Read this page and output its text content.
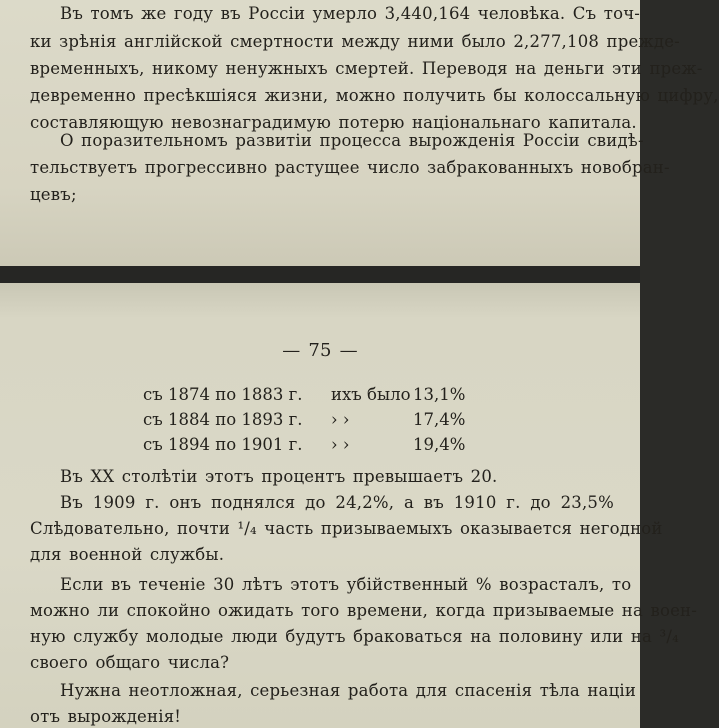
Въ томъ же году въ Россіи умерло 3,440,164 человѣка. Съ точ-
ки зрѣнія англійской смертности между ними было 2,277,108 прежде-
временныхъ, никому ненужныхъ смертей. Переводя на деньги эти преж-
девременно пресѣкшіяся жизни, можно получить бы колоссальную цифру,
составляющую невознаградимую потерю національнаго капитала.
О поразительномъ развитіи процесса вырожденія Россіи свидѣ-
тельствуетъ прогрессивно растущее число забракованныхъ новобран-
цевъ;
— 75 —
съ 1874 по 1883 г. ихъ было 13,1%
съ 1884 по 1893 г. › ›	17,4%
съ 1894 по 1901 г. › ›	19,4%
Въ XX столѣтіи этотъ процентъ превышаетъ 20.
Въ 1909 г. онъ поднялся до 24,2%, а въ 1910 г. до 23,5%
Слѣдовательно, почти ¹/₄ часть призываемыхъ оказывается негодной
для военной службы.
Если въ теченіе 30 лѣтъ этотъ убійственный % возрасталъ, то
можно ли спокойно ожидать того времени, когда призываемые на воен-
ную службу молодые люди будутъ браковаться на половину или на ³/₄
своего общаго числа?
Нужна неотложная, серьезная работа для спасенія тѣла націи
отъ вырожденія!
